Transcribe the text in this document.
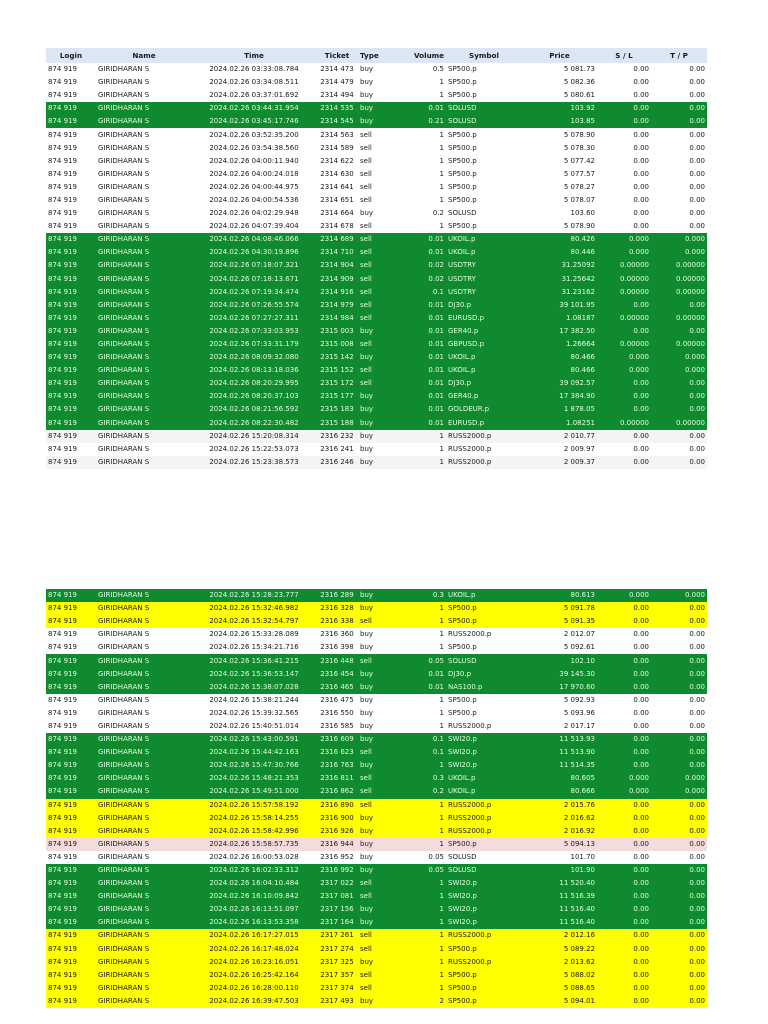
Login	Name	Time	Ticket	Type	Volume	Symbol	Price	S / L	T / P
874 919	GIRIDHARAN S	2024.02.26 03:33:08.784	2314 473	buy	0.5	SP500.p	5 081.73	0.00	0.00
874 919	GIRIDHARAN S	2024.02.26 03:34:08.511	2314 479	buy	1	SP500.p	5 082.36	0.00	0.00
874 919	GIRIDHARAN S	2024.02.26 03:37:01.692	2314 494	buy	1	SP500.p	5 080.61	0.00	0.00
874 919	GIRIDHARAN S	2024.02.26 03:44:31.954	2314 535	buy	0.01	SOLUSD	103.92	0.00	0.00
874 919	GIRIDHARAN S	2024.02.26 03:45:17.746	2314 545	buy	0.21	SOLUSD	103.85	0.00	0.00
874 919	GIRIDHARAN S	2024.02.26 03:52:35.200	2314 563	sell	1	SP500.p	5 078.90	0.00	0.00
874 919	GIRIDHARAN S	2024.02.26 03:54:38.560	2314 589	sell	1	SP500.p	5 078.30	0.00	0.00
874 919	GIRIDHARAN S	2024.02.26 04:00:11.940	2314 622	sell	1	SP500.p	5 077.42	0.00	0.00
874 919	GIRIDHARAN S	2024.02.26 04:00:24.018	2314 630	sell	1	SP500.p	5 077.57	0.00	0.00
874 919	GIRIDHARAN S	2024.02.26 04:00:44.975	2314 641	sell	1	SP500.p	5 078.27	0.00	0.00
874 919	GIRIDHARAN S	2024.02.26 04:00:54.536	2314 651	sell	1	SP500.p	5 078.07	0.00	0.00
874 919	GIRIDHARAN S	2024.02.26 04:02:29.948	2314 664	buy	0.2	SOLUSD	103.60	0.00	0.00
874 919	GIRIDHARAN S	2024.02.26 04:07:39.404	2314 678	sell	1	SP500.p	5 078.90	0.00	0.00
874 919	GIRIDHARAN S	2024.02.26 04:08:46.066	2314 689	sell	0.01	UKOIL.p	80.426	0.000	0.000
874 919	GIRIDHARAN S	2024.02.26 04:30:19.896	2314 710	sell	0.01	UKOIL.p	80.446	0.000	0.000
874 919	GIRIDHARAN S	2024.02.26 07:18:07.321	2314 904	sell	0.02	USDTRY	31.25092	0.00000	0.00000
874 919	GIRIDHARAN S	2024.02.26 07:18:13.671	2314 909	sell	0.02	USDTRY	31.25642	0.00000	0.00000
874 919	GIRIDHARAN S	2024.02.26 07:19:34.474	2314 916	sell	0.1	USDTRY	31.23162	0.00000	0.00000
874 919	GIRIDHARAN S	2024.02.26 07:26:55.574	2314 979	sell	0.01	DJ30.p	39 101.95	0.00	0.00
874 919	GIRIDHARAN S	2024.02.26 07:27:27.311	2314 984	sell	0.01	EURUSD.p	1.08187	0.00000	0.00000
874 919	GIRIDHARAN S	2024.02.26 07:33:03.953	2315 003	buy	0.01	GER40.p	17 382.50	0.00	0.00
874 919	GIRIDHARAN S	2024.02.26 07:33:31.179	2315 008	sell	0.01	GBPUSD.p	1.26664	0.00000	0.00000
874 919	GIRIDHARAN S	2024.02.26 08:09:32.080	2315 142	buy	0.01	UKOIL.p	80.466	0.000	0.000
874 919	GIRIDHARAN S	2024.02.26 08:13:18.036	2315 152	sell	0.01	UKOIL.p	80.466	0.000	0.000
874 919	GIRIDHARAN S	2024.02.26 08:20:29.995	2315 172	sell	0.01	DJ30.p	39 092.57	0.00	0.00
874 919	GIRIDHARAN S	2024.02.26 08:20:37.103	2315 177	buy	0.01	GER40.p	17 384.90	0.00	0.00
874 919	GIRIDHARAN S	2024.02.26 08:21:56.592	2315 183	buy	0.01	GOLDEUR.p	1 878.05	0.00	0.00
874 919	GIRIDHARAN S	2024.02.26 08:22:30.482	2315 188	buy	0.01	EURUSD.p	1.08251	0.00000	0.00000
874 919	GIRIDHARAN S	2024.02.26 15:20:08.314	2316 232	buy	1	RUSS2000.p	2 010.77	0.00	0.00
874 919	GIRIDHARAN S	2024.02.26 15:22:53.073	2316 241	buy	1	RUSS2000.p	2 009.97	0.00	0.00
874 919	GIRIDHARAN S	2024.02.26 15:23:38.573	2316 246	buy	1	RUSS2000.p	2 009.37	0.00	0.00
874 919	GIRIDHARAN S	2024.02.26 15:28:23.777	2316 289	buy	0.3	UKOIL.p	80.613	0.000	0.000
874 919	GIRIDHARAN S	2024.02.26 15:32:46.982	2316 328	buy	1	SP500.p	5 091.78	0.00	0.00
874 919	GIRIDHARAN S	2024.02.26 15:32:54.797	2316 338	sell	1	SP500.p	5 091.35	0.00	0.00
874 919	GIRIDHARAN S	2024.02.26 15:33:28.089	2316 360	buy	1	RUSS2000.p	2 012.07	0.00	0.00
874 919	GIRIDHARAN S	2024.02.26 15:34:21.716	2316 398	buy	1	SP500.p	5 092.61	0.00	0.00
874 919	GIRIDHARAN S	2024.02.26 15:36:41.215	2316 448	sell	0.05	SOLUSD	102.10	0.00	0.00
874 919	GIRIDHARAN S	2024.02.26 15:36:53.147	2316 454	buy	0.01	DJ30.p	39 145.30	0.00	0.00
874 919	GIRIDHARAN S	2024.02.26 15:38:07.028	2316 465	buy	0.01	NAS100.p	17 970.60	0.00	0.00
874 919	GIRIDHARAN S	2024.02.26 15:38:21.244	2316 475	buy	1	SP500.p	5 092.93	0.00	0.00
874 919	GIRIDHARAN S	2024.02.26 15:39:32.565	2316 550	buy	1	SP500.p	5 093.96	0.00	0.00
874 919	GIRIDHARAN S	2024.02.26 15:40:51.014	2316 585	buy	1	RUSS2000.p	2 017.17	0.00	0.00
874 919	GIRIDHARAN S	2024.02.26 15:43:00.591	2316 609	buy	0.1	SWI20.p	11 513.93	0.00	0.00
874 919	GIRIDHARAN S	2024.02.26 15:44:42.163	2316 623	sell	0.1	SWI20.p	11 513.90	0.00	0.00
874 919	GIRIDHARAN S	2024.02.26 15:47:30.766	2316 763	buy	1	SWI20.p	11 514.35	0.00	0.00
874 919	GIRIDHARAN S	2024.02.26 15:48:21.353	2316 811	sell	0.3	UKOIL.p	80.605	0.000	0.000
874 919	GIRIDHARAN S	2024.02.26 15:49:51.000	2316 862	sell	0.2	UKOIL.p	80.666	0.000	0.000
874 919	GIRIDHARAN S	2024.02.26 15:57:58.192	2316 890	sell	1	RUSS2000.p	2 015.76	0.00	0.00
874 919	GIRIDHARAN S	2024.02.26 15:58:14.255	2316 900	buy	1	RUSS2000.p	2 016.62	0.00	0.00
874 919	GIRIDHARAN S	2024.02.26 15:58:42.996	2316 926	buy	1	RUSS2000.p	2 016.92	0.00	0.00
874 919	GIRIDHARAN S	2024.02.26 15:58:57.735	2316 944	buy	1	SP500.p	5 094.13	0.00	0.00
874 919	GIRIDHARAN S	2024.02.26 16:00:53.028	2316 952	buy	0.05	SOLUSD	101.70	0.00	0.00
874 919	GIRIDHARAN S	2024.02.26 16:02:33.312	2316 992	buy	0.05	SOLUSD	101.90	0.00	0.00
874 919	GIRIDHARAN S	2024.02.26 16:04:10.484	2317 022	sell	1	SWI20.p	11 520.40	0.00	0.00
874 919	GIRIDHARAN S	2024.02.26 16:10:09.842	2317 081	sell	1	SWI20.p	11 516.39	0.00	0.00
874 919	GIRIDHARAN S	2024.02.26 16:13:51.097	2317 156	buy	1	SWI20.p	11 516.40	0.00	0.00
874 919	GIRIDHARAN S	2024.02.26 16:13:53.358	2317 164	buy	1	SWI20.p	11 516.40	0.00	0.00
874 919	GIRIDHARAN S	2024.02.26 16:17:27.015	2317 261	sell	1	RUSS2000.p	2 012.16	0.00	0.00
874 919	GIRIDHARAN S	2024.02.26 16:17:48.024	2317 274	sell	1	SP500.p	5 089.22	0.00	0.00
874 919	GIRIDHARAN S	2024.02.26 16:23:16.051	2317 325	buy	1	RUSS2000.p	2 013.62	0.00	0.00
874 919	GIRIDHARAN S	2024.02.26 16:25:42.164	2317 357	sell	1	SP500.p	5 088.02	0.00	0.00
874 919	GIRIDHARAN S	2024.02.26 16:28:00.110	2317 374	sell	1	SP500.p	5 088.65	0.00	0.00
874 919	GIRIDHARAN S	2024.02.26 16:39:47.503	2317 493	buy	2	SP500.p	5 094.01	0.00	0.00
